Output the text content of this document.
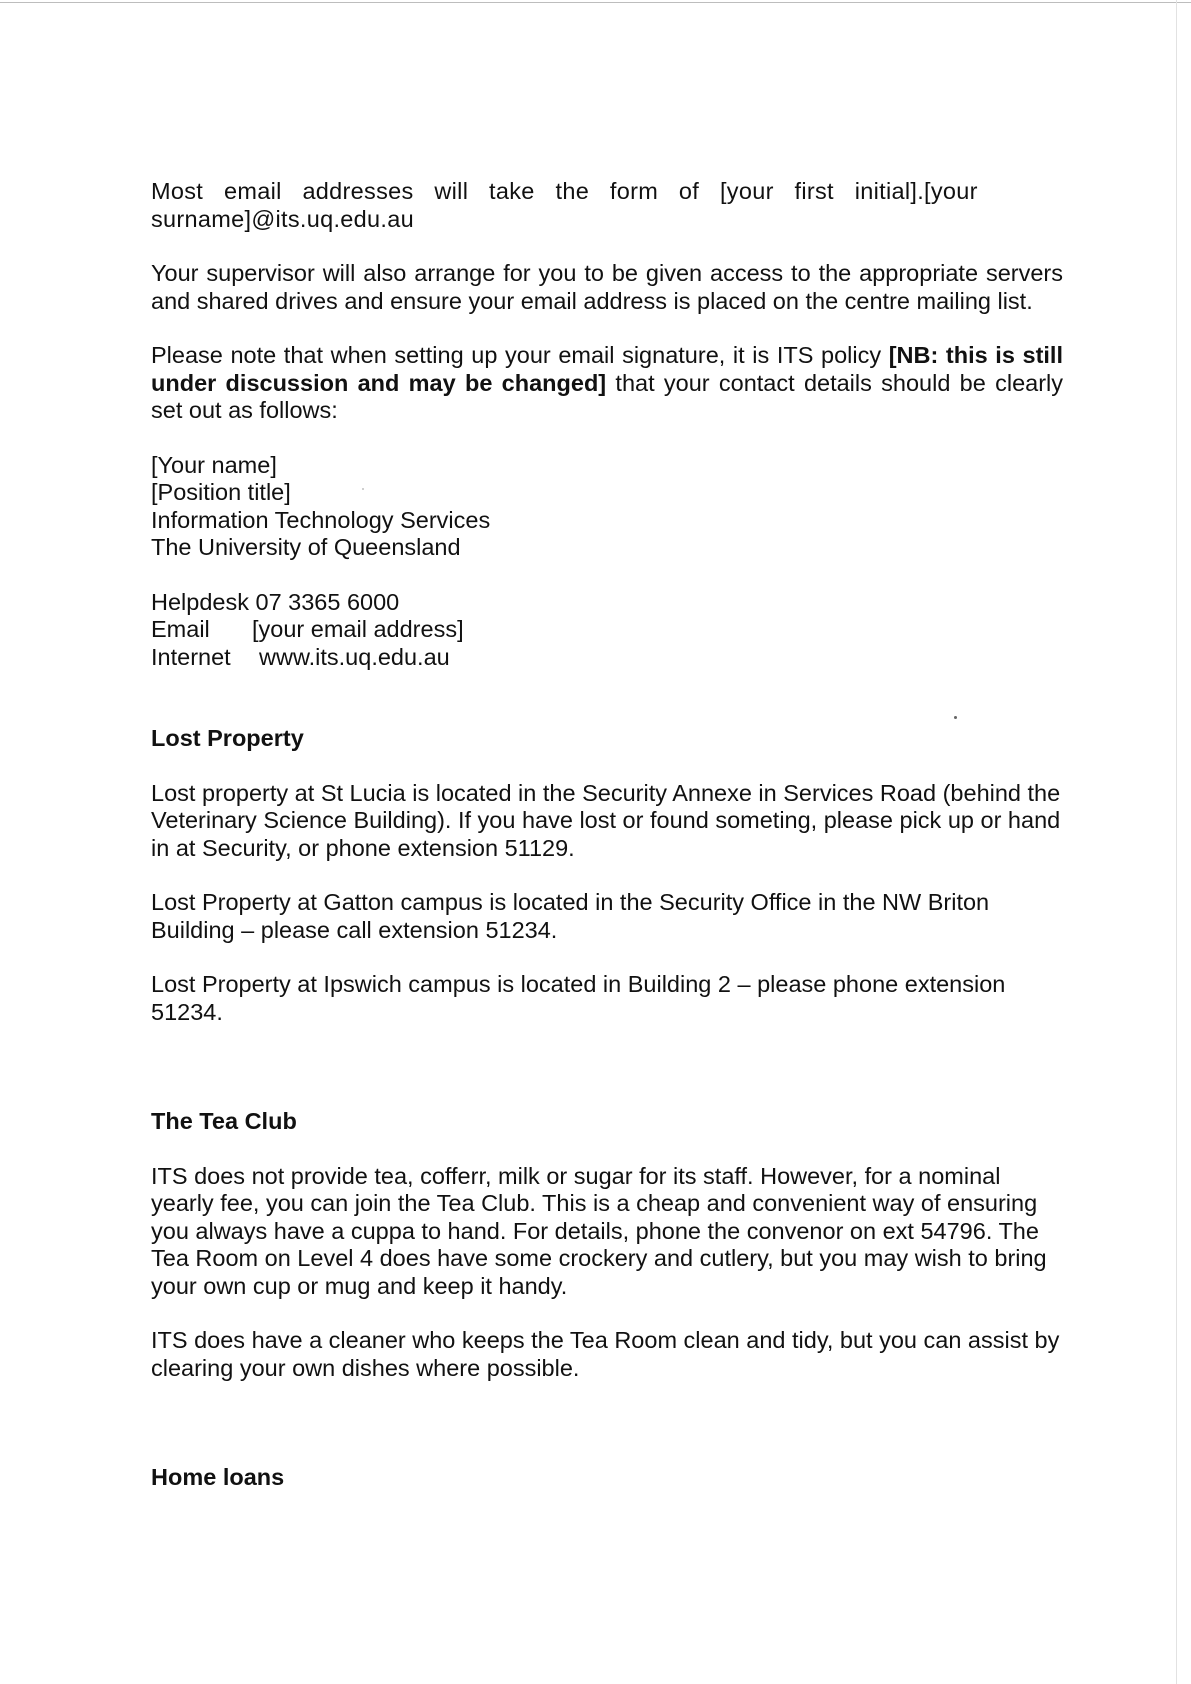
Most email addresses will take the form of [your first initial].[your
surname]@its.uq.edu.au

Your supervisor will also arrange for you to be given access to the appropriate servers and shared drives and ensure your email address is placed on the centre mailing list.

Please note that when setting up your email signature, it is ITS policy [NB: this is still under discussion and may be changed] that your contact details should be clearly set out as follows:

[Your name]
[Position title]
Information Technology Services
The University of Queensland
Helpdesk 07 3365 6000
Email [your email address]
Internet www.its.uq.edu.au
Lost Property

Lost property at St Lucia is located in the Security Annexe in Services Road (behind the Veterinary Science Building). If you have lost or found someting, please pick up or hand in at Security, or phone extension 51129.

Lost Property at Gatton campus is located in the Security Office in the NW Briton Building – please call extension 51234.

Lost Property at Ipswich campus is located in Building 2 – please phone extension 51234.

The Tea Club

ITS does not provide tea, cofferr, milk or sugar for its staff. However, for a nominal yearly fee, you can join the Tea Club. This is a cheap and convenient way of ensuring you always have a cuppa to hand. For details, phone the convenor on ext 54796. The Tea Room on Level 4 does have some crockery and cutlery, but you may wish to bring your own cup or mug and keep it handy.

ITS does have a cleaner who keeps the Tea Room clean and tidy, but you can assist by clearing your own dishes where possible.

Home loans
